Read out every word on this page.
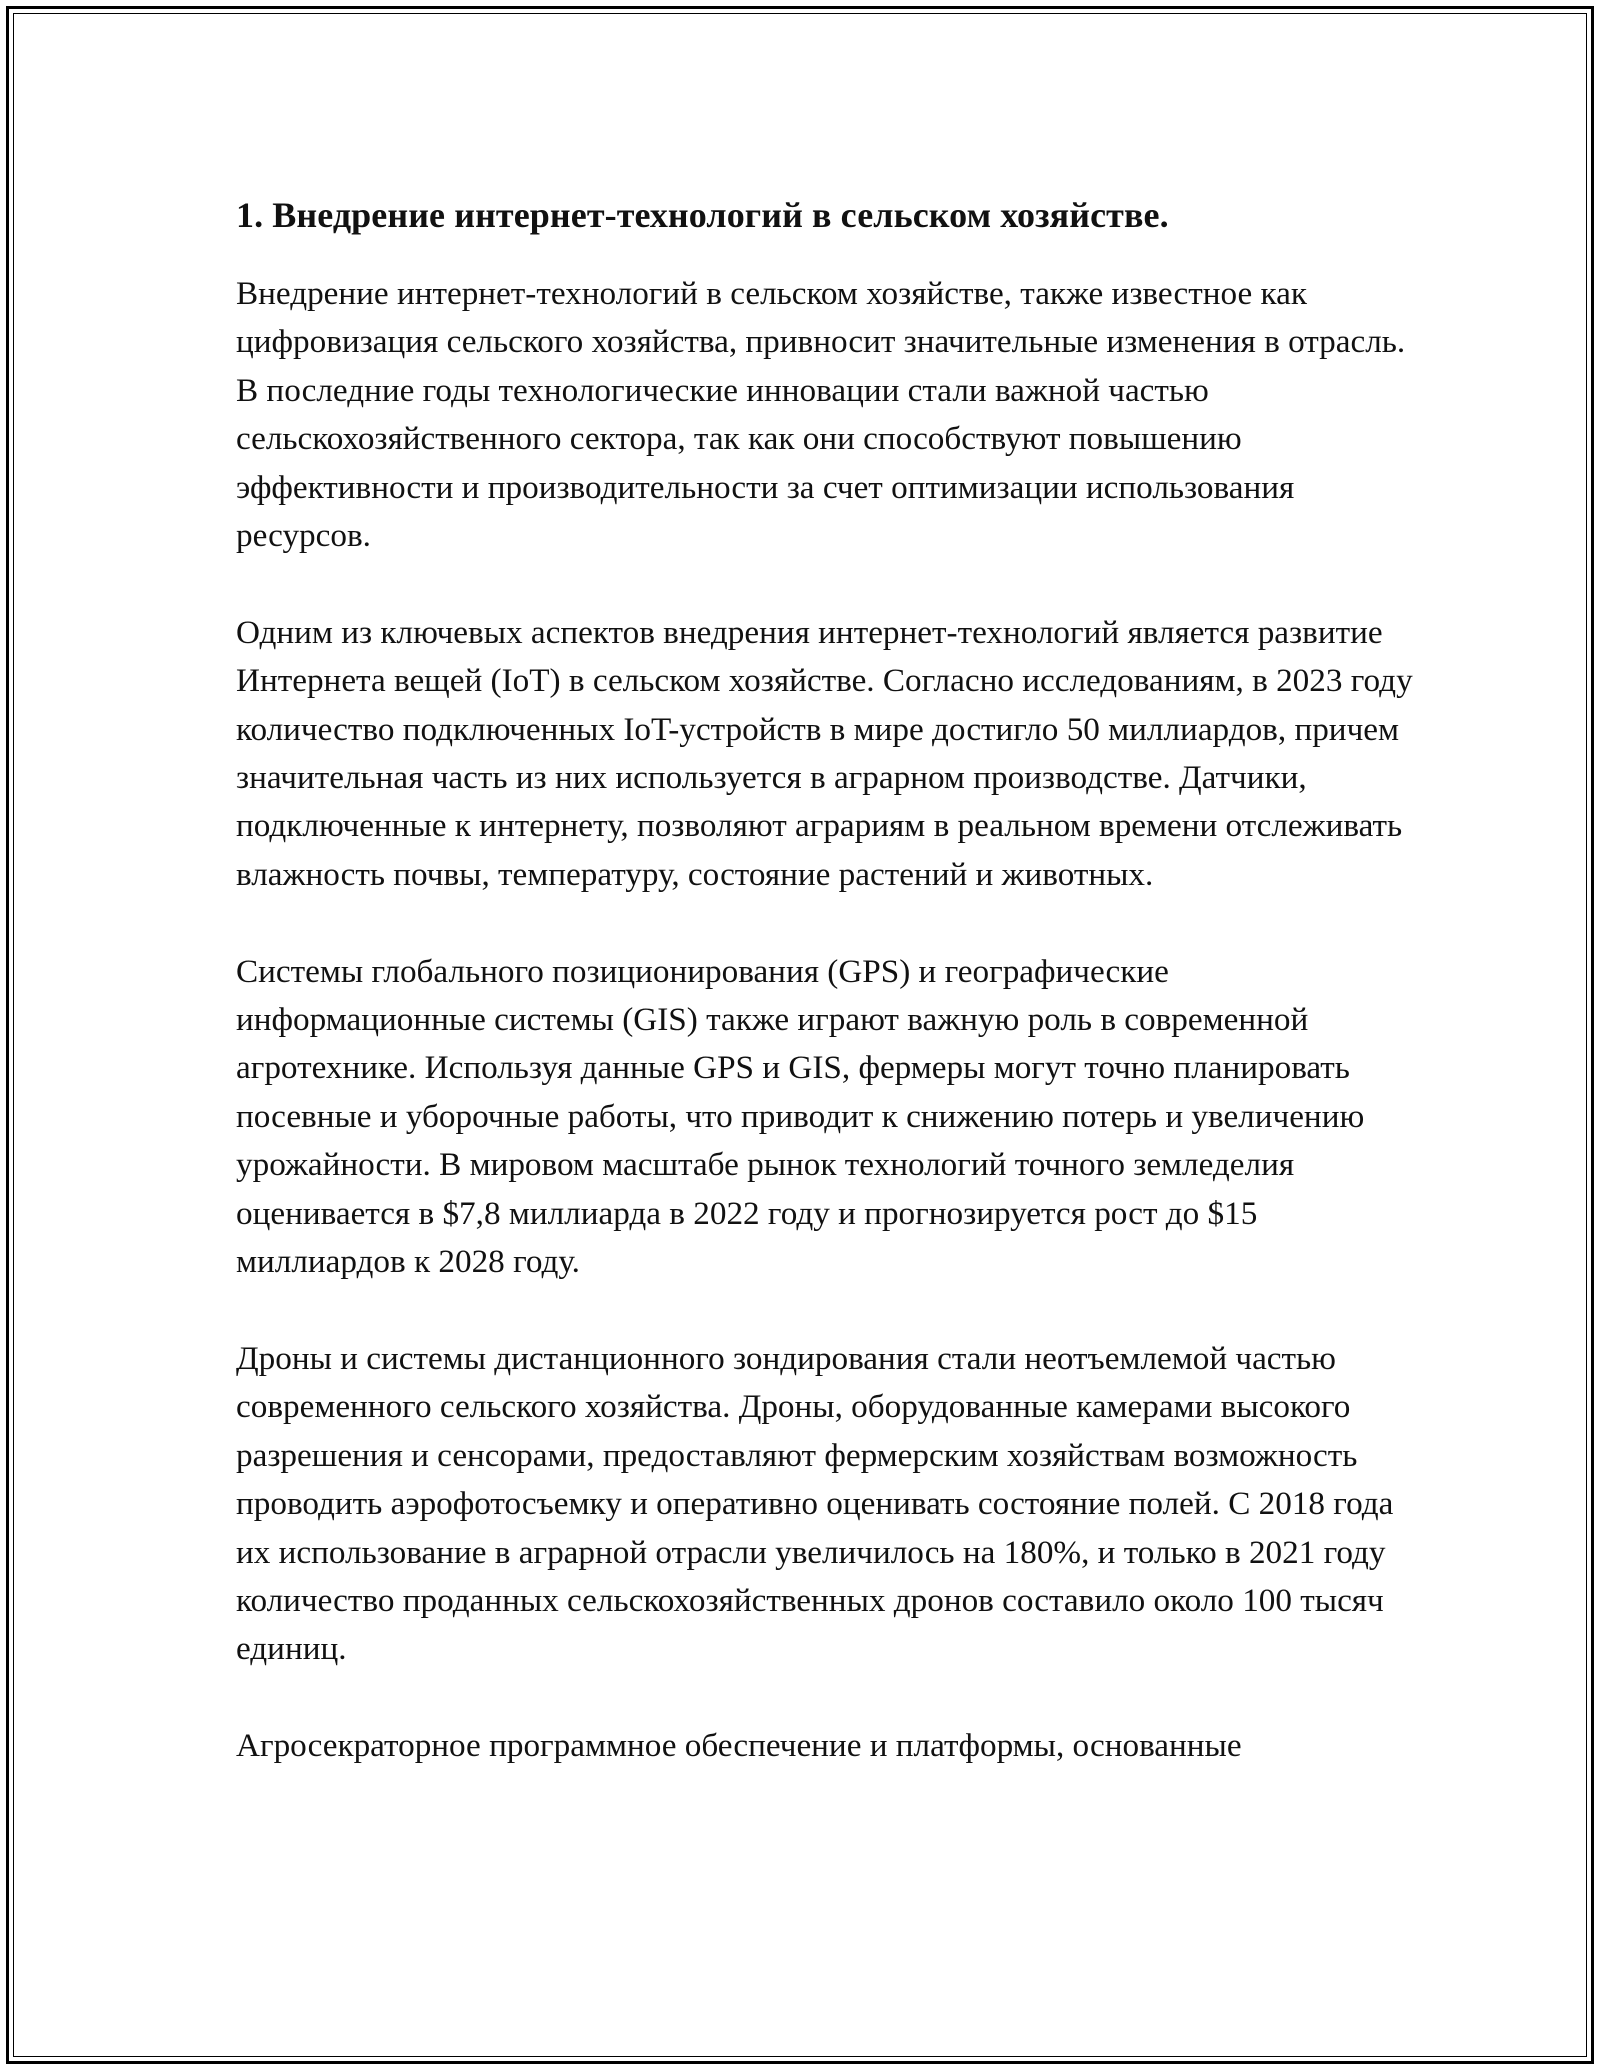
1. Внедрение интернет-технологий в сельском хозяйстве.

Внедрение интернет-технологий в сельском хозяйстве, также известное как цифровизация сельского хозяйства, привносит значительные изменения в отрасль. В последние годы технологические инновации стали важной частью сельскохозяйственного сектора, так как они способствуют повышению эффективности и производительности за счет оптимизации использования ресурсов.

Одним из ключевых аспектов внедрения интернет-технологий является развитие Интернета вещей (IoT) в сельском хозяйстве. Согласно исследованиям, в 2023 году количество подключенных IoT-устройств в мире достигло 50 миллиардов, причем значительная часть из них используется в аграрном производстве. Датчики, подключенные к интернету, позволяют аграриям в реальном времени отслеживать влажность почвы, температуру, состояние растений и животных.

Системы глобального позиционирования (GPS) и географические информационные системы (GIS) также играют важную роль в современной агротехнике. Используя данные GPS и GIS, фермеры могут точно планировать посевные и уборочные работы, что приводит к снижению потерь и увеличению урожайности. В мировом масштабе рынок технологий точного земледелия оценивается в $7,8 миллиарда в 2022 году и прогнозируется рост до $15 миллиардов к 2028 году.

Дроны и системы дистанционного зондирования стали неотъемлемой частью современного сельского хозяйства. Дроны, оборудованные камерами высокого разрешения и сенсорами, предоставляют фермерским хозяйствам возможность проводить аэрофотосъемку и оперативно оценивать состояние полей. С 2018 года их использование в аграрной отрасли увеличилось на 180%, и только в 2021 году количество проданных сельскохозяйственных дронов составило около 100 тысяч единиц.

Агросекраторное программное обеспечение и платформы, основанные
